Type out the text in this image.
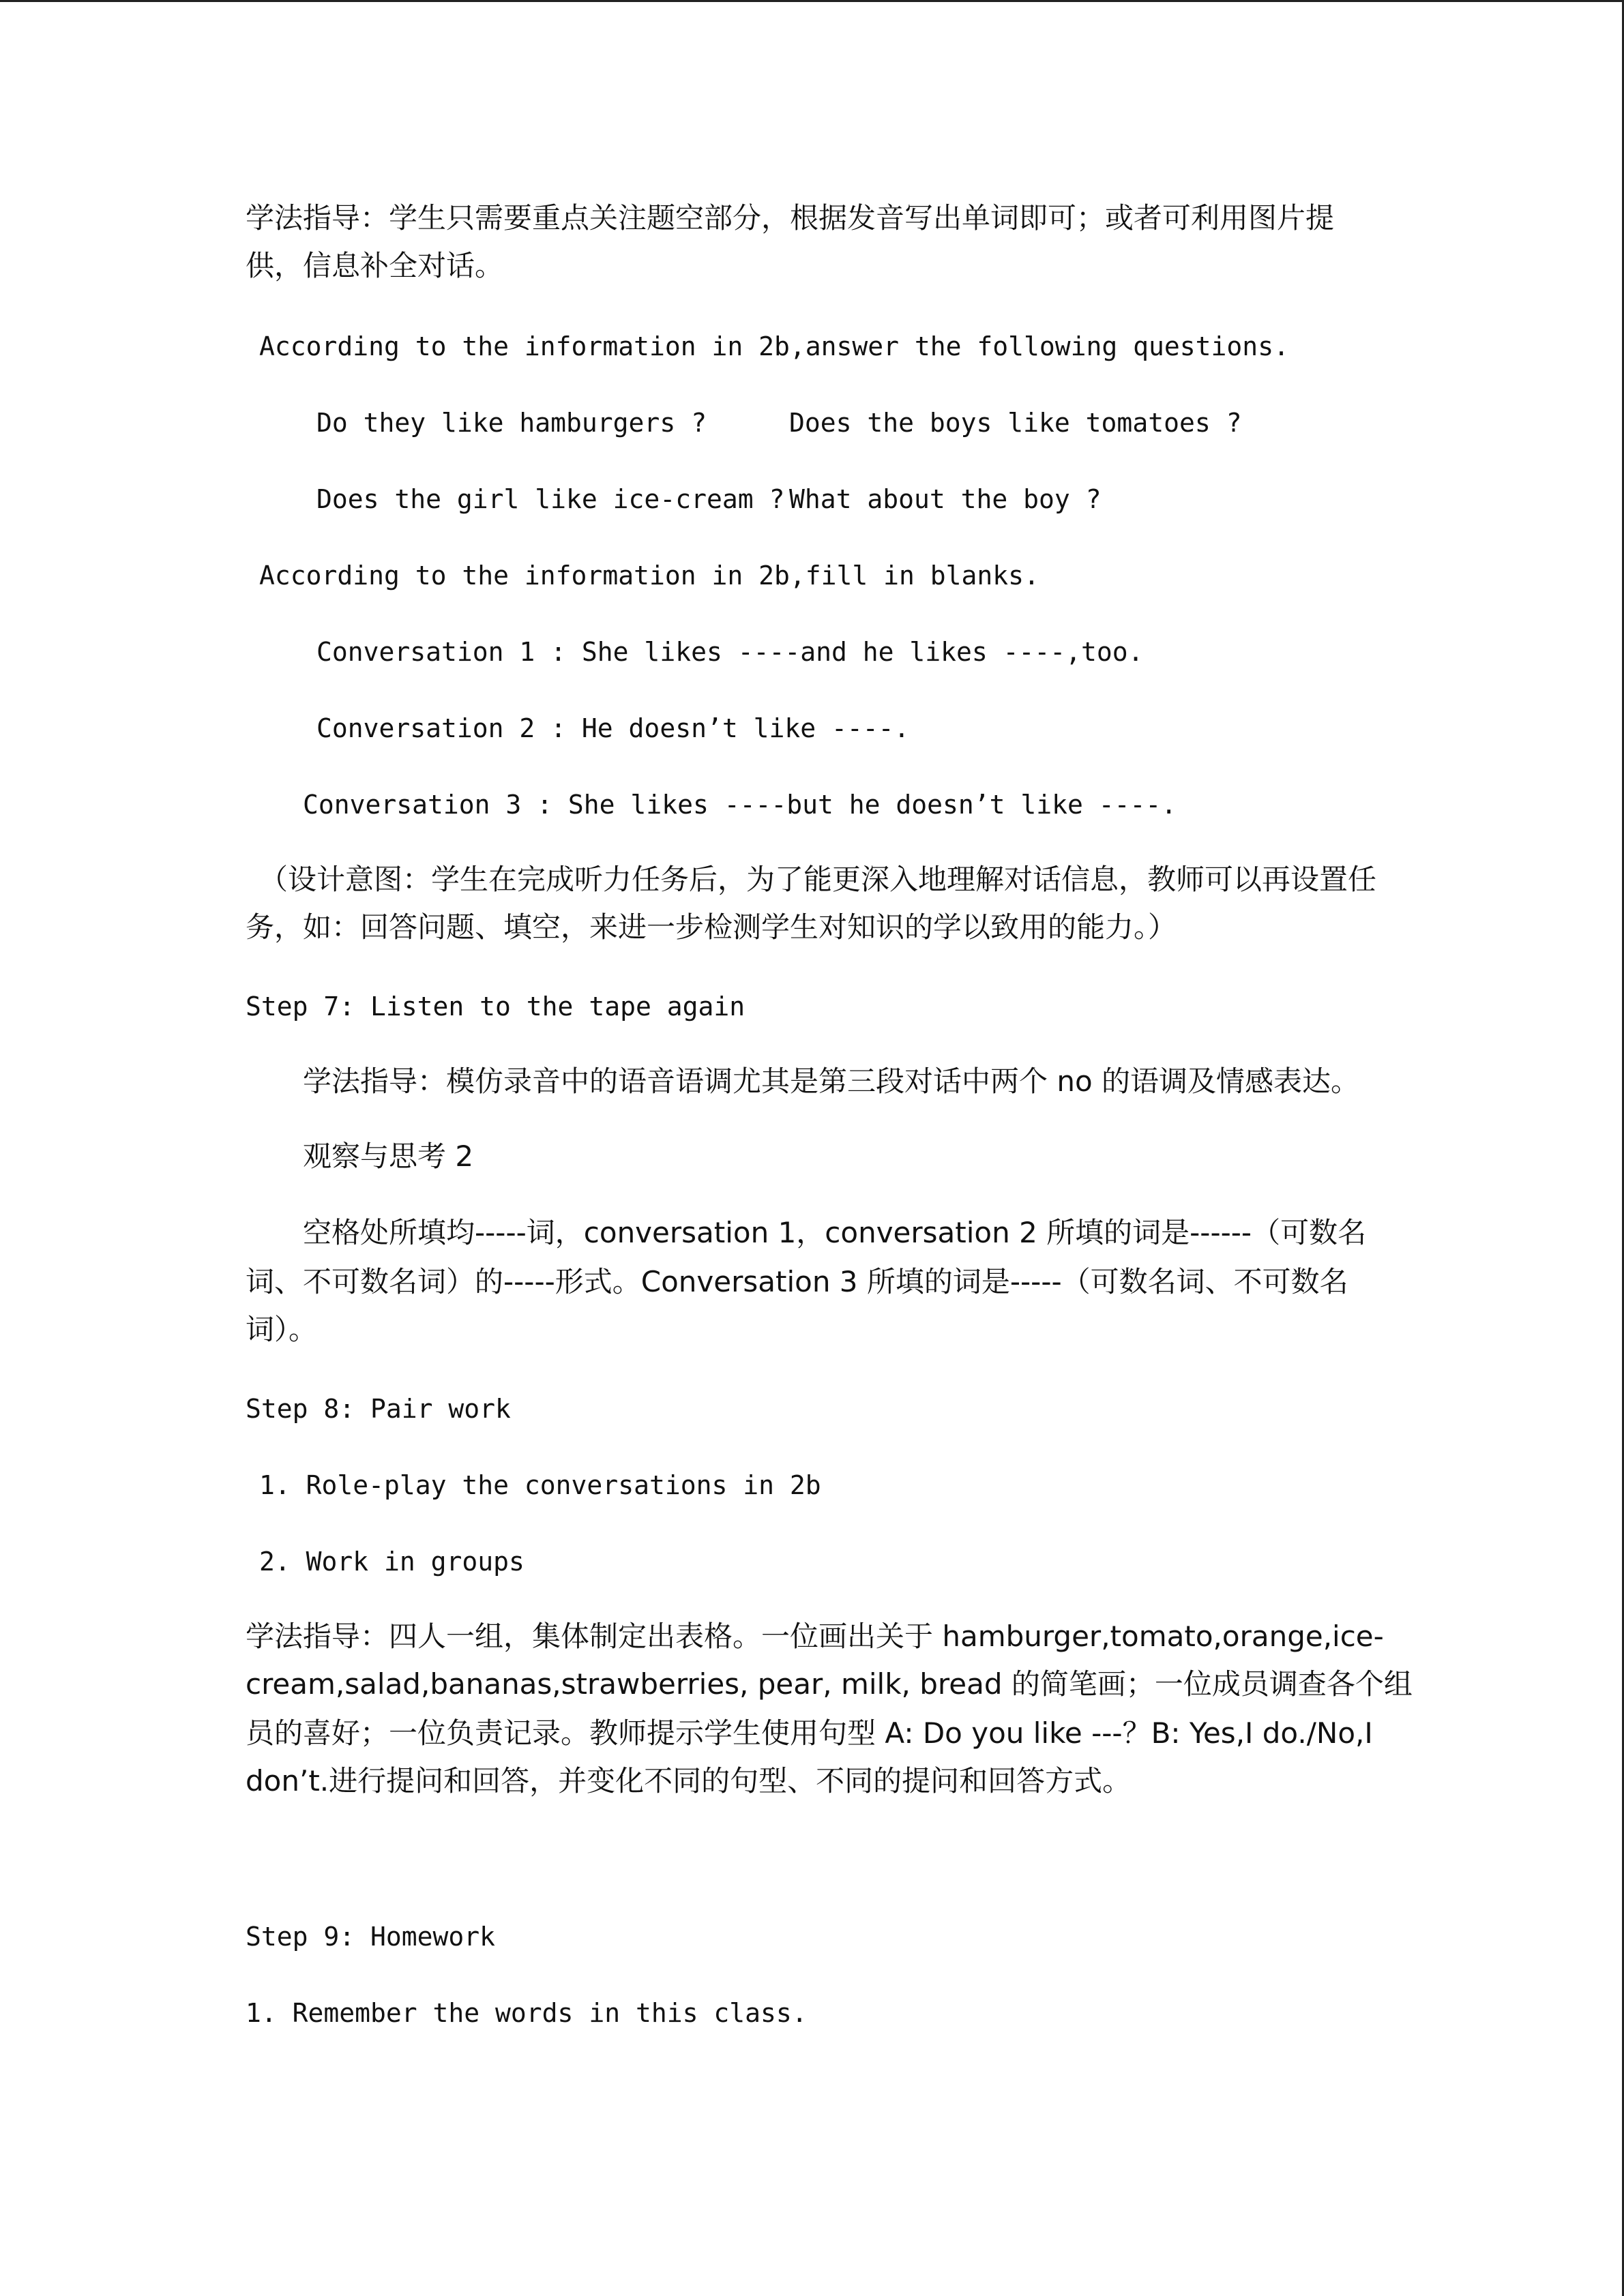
学法指导：学生只需要重点关注题空部分，根据发音写出单词即可；或者可利用图片提
供，信息补全对话。
According to the information in 2b,answer the following questions.
Do they like hamburgers ?	Does the boys like tomatoes ?
Does the girl like ice-cream ? What about the boy ?
According to the information in 2b,fill in blanks.
Conversation 1 : She likes ----and he likes ----,too.
Conversation 2 : He doesn’t like ----.
Conversation 3 : She likes ----but he doesn’t like ----.
（设计意图：学生在完成听力任务后，为了能更深入地理解对话信息，教师可以再设置任
务，如：回答问题、填空，来进一步检测学生对知识的学以致用的能力。）
Step 7: Listen to the tape again
学法指导：模仿录音中的语音语调尤其是第三段对话中两个 no 的语调及情感表达。
观察与思考 2
空格处所填均-----词，conversation 1，conversation 2 所填的词是------（可数名
词、不可数名词）的-----形式。Conversation 3 所填的词是-----（可数名词、不可数名
词）。
Step 8: Pair work
1. Role-play the conversations in 2b
2. Work in groups
学法指导：四人一组，集体制定出表格。一位画出关于 hamburger,tomato,orange,ice-
cream,salad,bananas,strawberries, pear, milk, bread 的简笔画；一位成员调查各个组
员的喜好；一位负责记录。教师提示学生使用句型 A: Do you like ---？B: Yes,I do./No,I
don’t.进行提问和回答，并变化不同的句型、不同的提问和回答方式。
Step 9: Homework
1. Remember the words in this class.
